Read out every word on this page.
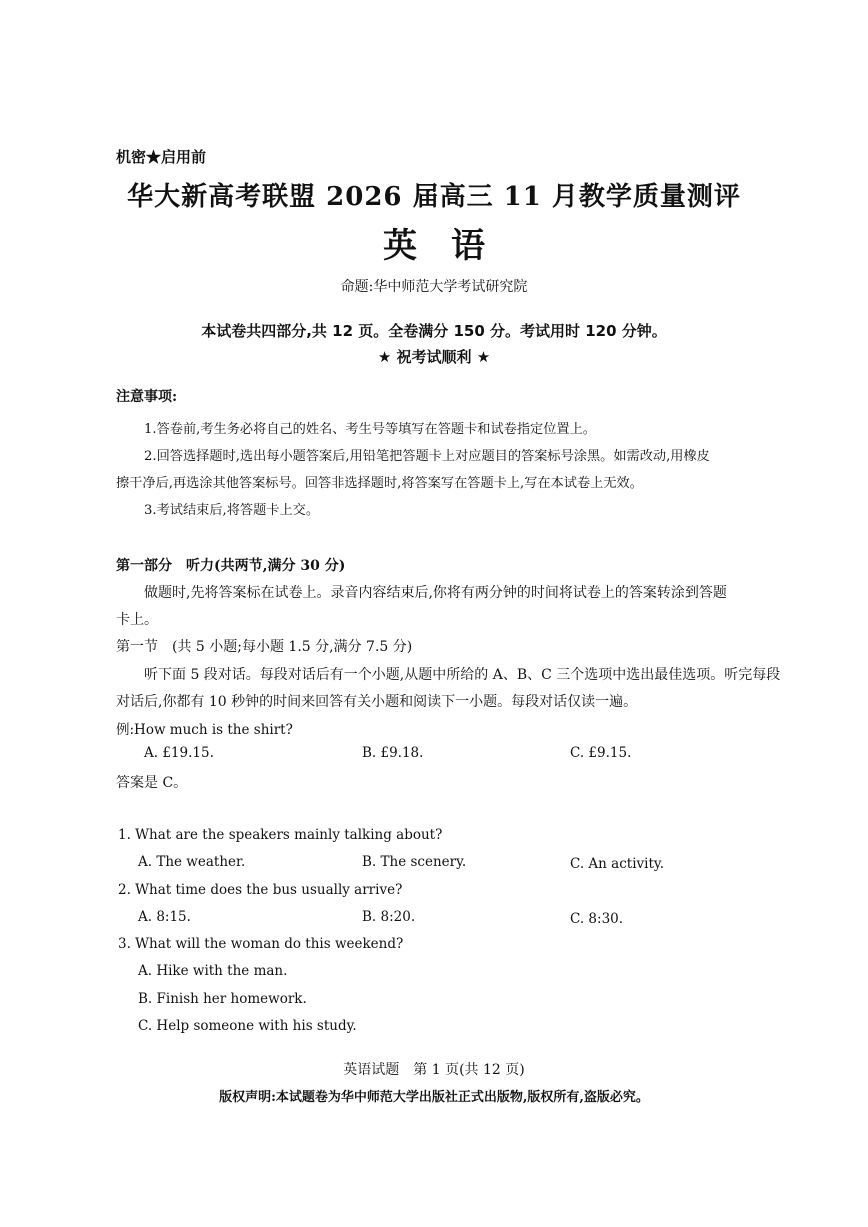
机密★启用前
华大新高考联盟 2026 届高三 11 月教学质量测评
英　语
命题:华中师范大学考试研究院
本试卷共四部分,共 12 页。全卷满分 150 分。考试用时 120 分钟。
★ 祝考试顺利 ★
注意事项:
1.答卷前,考生务必将自己的姓名、考生号等填写在答题卡和试卷指定位置上。
2.回答选择题时,选出每小题答案后,用铅笔把答题卡上对应题目的答案标号涂黑。如需改动,用橡皮
擦干净后,再选涂其他答案标号。回答非选择题时,将答案写在答题卡上,写在本试卷上无效。
3.考试结束后,将答题卡上交。
第一部分　听力(共两节,满分 30 分)
做题时,先将答案标在试卷上。录音内容结束后,你将有两分钟的时间将试卷上的答案转涂到答题
卡上。
第一节　(共 5 小题;每小题 1.5 分,满分 7.5 分)
听下面 5 段对话。每段对话后有一个小题,从题中所给的 A、B、C 三个选项中选出最佳选项。听完每段
对话后,你都有 10 秒钟的时间来回答有关小题和阅读下一小题。每段对话仅读一遍。
例:How much is the shirt?
A. £19.15.	B. £9.18.	C. £9.15.
答案是 C。
1. What are the speakers mainly talking about?
A. The weather.	B. The scenery.	C. An activity.
2. What time does the bus usually arrive?
A. 8:15.	B. 8:20.	C. 8:30.
3. What will the woman do this weekend?
A. Hike with the man.
B. Finish her homework.
C. Help someone with his study.
英语试题　第 1 页(共 12 页)
版权声明:本试题卷为华中师范大学出版社正式出版物,版权所有,盗版必究。
